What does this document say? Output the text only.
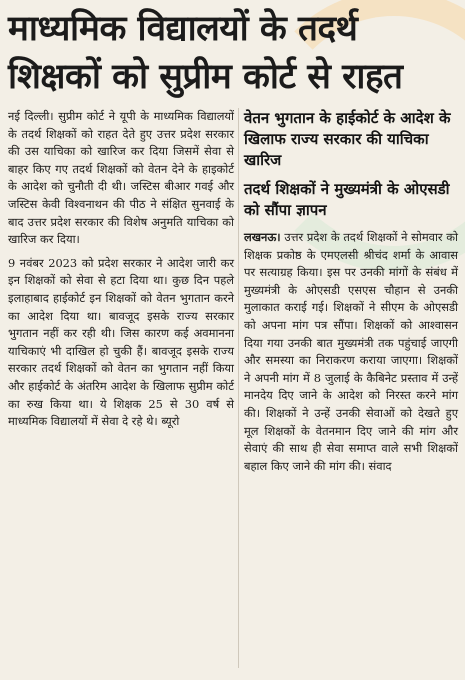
माध्यमिक विद्यालयों के तदर्थ
शिक्षकों को सुप्रीम कोर्ट से राहत

नई दिल्ली। सुप्रीम कोर्ट ने यूपी के माध्यमिक विद्यालयों के तदर्थ शिक्षकों को राहत देते हुए उत्तर प्रदेश सरकार की उस याचिका को खारिज कर दिया जिसमें सेवा से बाहर किए गए तदर्थ शिक्षकों को वेतन देने के हाइकोर्ट के आदेश को चुनौती दी थी। जस्टिस बीआर गवई और जस्टिस केवी विश्वनाथन की पीठ ने संक्षित सुनवाई के बाद उत्तर प्रदेश सरकार की विशेष अनुमति याचिका को खारिज कर दिया।

9 नवंबर 2023 को प्रदेश सरकार ने आदेश जारी कर इन शिक्षकों को सेवा से हटा दिया था। कुछ दिन पहले इलाहाबाद हाईकोर्ट इन शिक्षकों को वेतन भुगतान करने का आदेश दिया था। बावजूद इसके राज्य सरकार भुगतान नहीं कर रही थी। जिस कारण कई अवमानना याचिकाएं भी दाखिल हो चुकी हैं। बावजूद इसके राज्य सरकार तदर्थ शिक्षकों को वेतन का भुगतान नहीं किया और हाईकोर्ट के अंतरिम आदेश के खिलाफ सुप्रीम कोर्ट का रुख किया था। ये शिक्षक 25 से 30 वर्ष से माध्यमिक विद्यालयों में सेवा दे रहे थे। ब्यूरो

वेतन भुगतान के हाईकोर्ट के आदेश के खिलाफ राज्य सरकार की याचिका खारिज
तदर्थ शिक्षकों ने मुख्यमंत्री के ओएसडी को सौंपा ज्ञापन
लखनऊ। उत्तर प्रदेश के तदर्थ शिक्षकों ने सोमवार को शिक्षक प्रकोष्ठ के एमएलसी श्रीचंद शर्मा के आवास पर सत्याग्रह किया। इस पर उनकी मांगों के संबंध में मुख्यमंत्री के ओएसडी एसएस चौहान से उनकी मुलाकात कराई गई। शिक्षकों ने सीएम के ओएसडी को अपना मांग पत्र सौंपा। शिक्षकों को आश्वासन दिया गया उनकी बात मुख्यमंत्री तक पहुंचाई जाएगी और समस्या का निराकरण कराया जाएगा। शिक्षकों ने अपनी मांग में 8 जुलाई के कैबिनेट प्रस्ताव में उन्हें मानदेय दिए जाने के आदेश को निरस्त करने मांग की। शिक्षकों ने उन्हें उनकी सेवाओं को देखते हुए मूल शिक्षकों के वेतनमान दिए जाने की मांग और सेवाएं की साथ ही सेवा समाप्त वाले सभी शिक्षकों बहाल किए जाने की मांग की। संवाद
